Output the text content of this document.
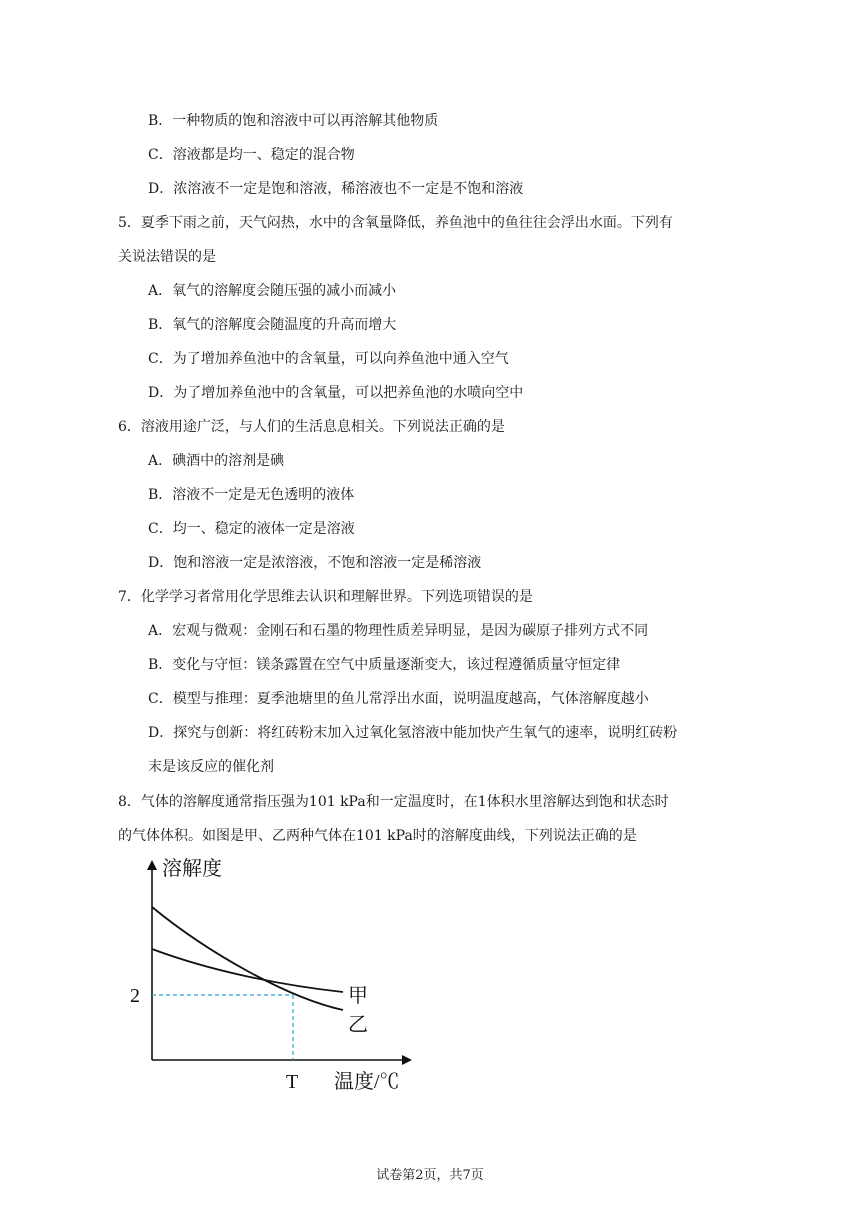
B．一种物质的饱和溶液中可以再溶解其他物质
C．溶液都是均一、稳定的混合物
D．浓溶液不一定是饱和溶液，稀溶液也不一定是不饱和溶液
5．夏季下雨之前，天气闷热，水中的含氧量降低，养鱼池中的鱼往往会浮出水面。下列有
关说法错误的是
A．氧气的溶解度会随压强的减小而减小
B．氧气的溶解度会随温度的升高而增大
C．为了增加养鱼池中的含氧量，可以向养鱼池中通入空气
D．为了增加养鱼池中的含氧量，可以把养鱼池的水喷向空中
6．溶液用途广泛，与人们的生活息息相关。下列说法正确的是
A．碘酒中的溶剂是碘
B．溶液不一定是无色透明的液体
C．均一、稳定的液体一定是溶液
D．饱和溶液一定是浓溶液，不饱和溶液一定是稀溶液
7．化学学习者常用化学思维去认识和理解世界。下列选项错误的是
A．宏观与微观：金刚石和石墨的物理性质差异明显，是因为碳原子排列方式不同
B．变化与守恒：镁条露置在空气中质量逐渐变大，该过程遵循质量守恒定律
C．模型与推理：夏季池塘里的鱼儿常浮出水面，说明温度越高，气体溶解度越小
D．探究与创新：将红砖粉末加入过氧化氢溶液中能加快产生氧气的速率，说明红砖粉
末是该反应的催化剂
8．气体的溶解度通常指压强为101 kPa和一定温度时，在1体积水里溶解达到饱和状态时
的气体体积。如图是甲、乙两种气体在101 kPa时的溶解度曲线，下列说法正确的是
溶解度
温度/℃
2
T
甲
乙
试卷第2页，共7页
